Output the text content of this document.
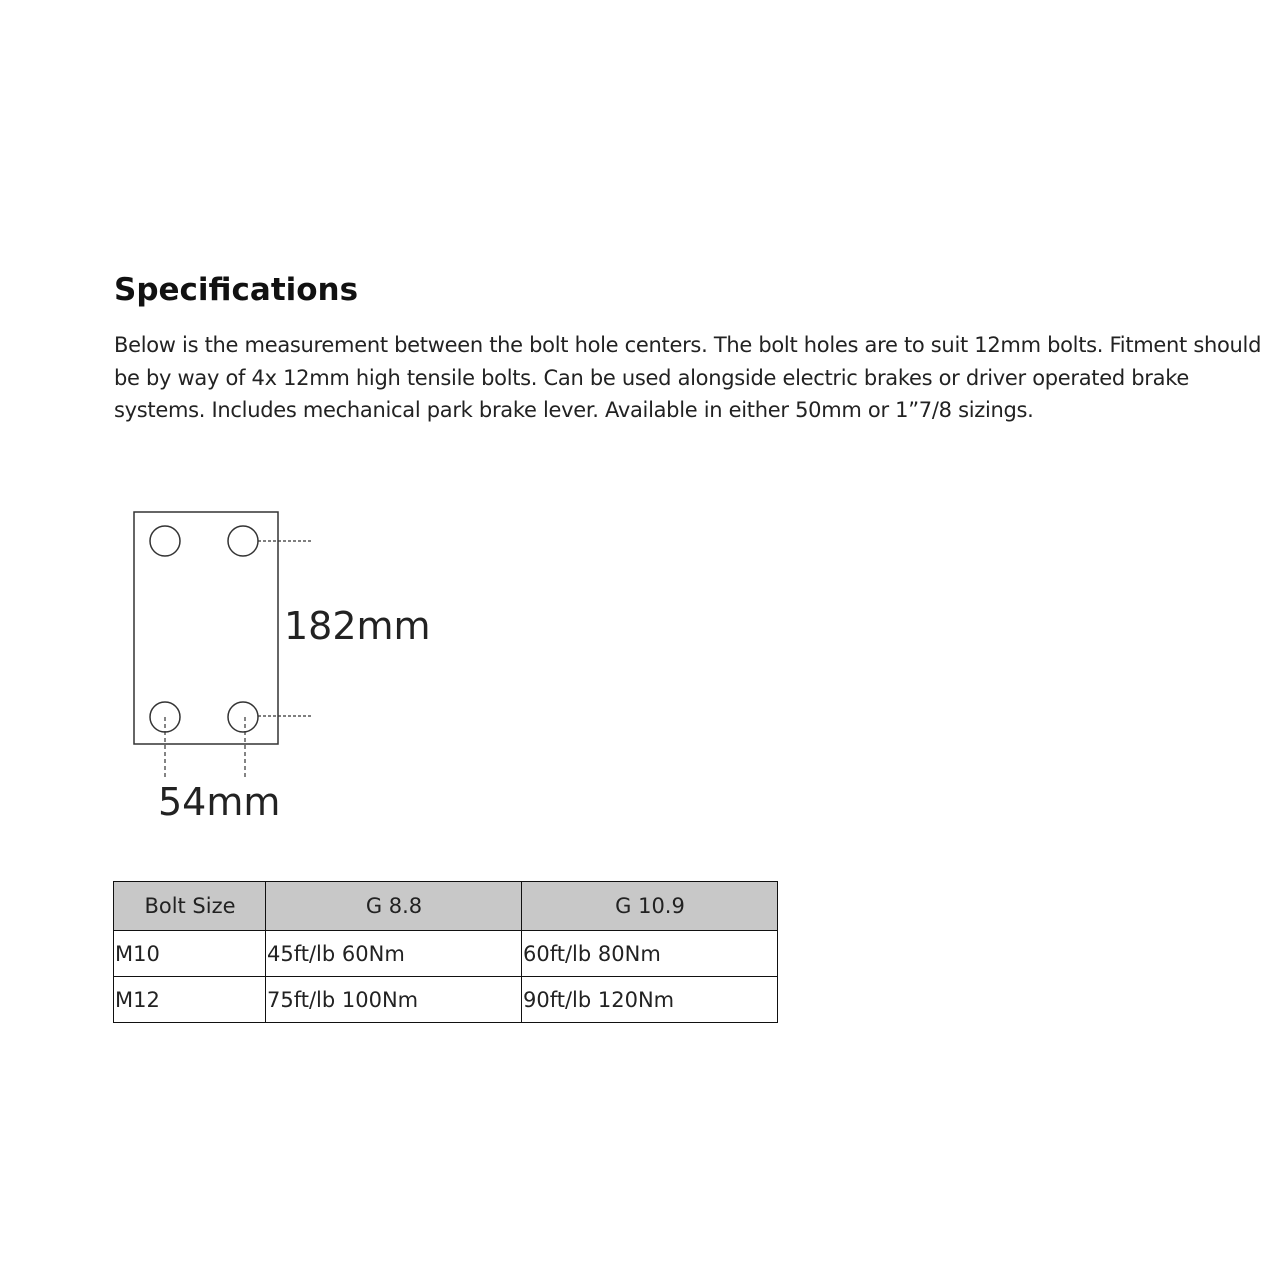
Specifications

Below is the measurement between the bolt hole centers. The bolt holes are to suit 12mm bolts. Fitment should be by way of 4x 12mm high tensile bolts. Can be used alongside electric brakes or driver operated brake systems. Includes mechanical park brake lever. Available in either 50mm or 1”7/8 sizings.

182mm
54mm
Bolt Size	G 8.8	G 10.9
M10	45ft/lb 60Nm	60ft/lb 80Nm
M12	75ft/lb 100Nm	90ft/lb 120Nm
